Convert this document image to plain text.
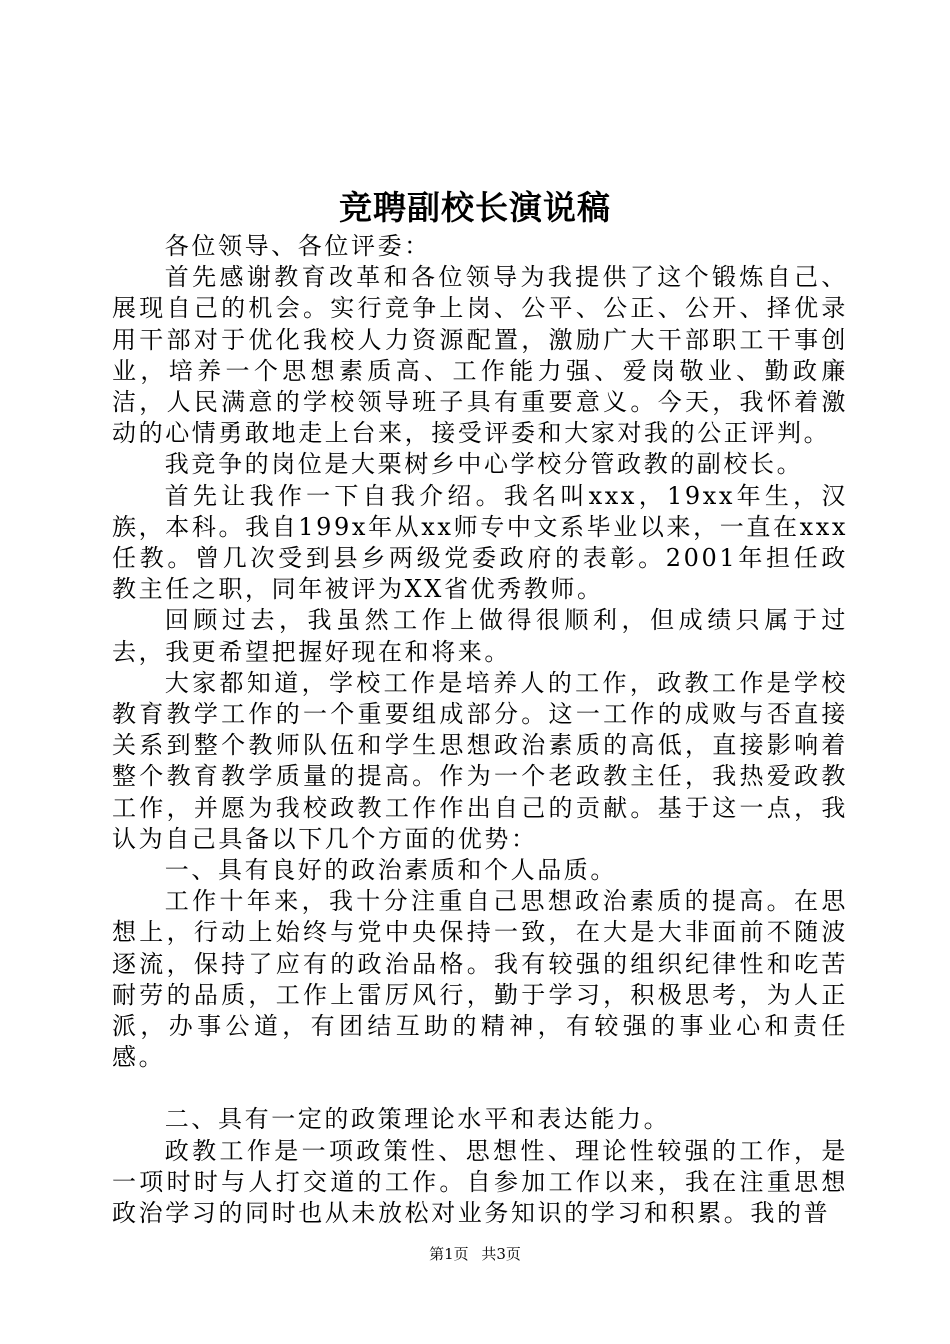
竞聘副校长演说稿

各位领导、各位评委：

首先感谢教育改革和各位领导为我提供了这个锻炼自己、展现自己的机会。实行竞争上岗、公平、公正、公开、择优录用干部对于优化我校人力资源配置，激励广大干部职工干事创业，培养一个思想素质高、工作能力强、爱岗敬业、勤政廉洁，人民满意的学校领导班子具有重要意义。今天，我怀着激动的心情勇敢地走上台来，接受评委和大家对我的公正评判。

我竞争的岗位是大栗树乡中心学校分管政教的副校长。

首先让我作一下自我介绍。我名叫xxx，19xx年生，汉族，本科。我自199x年从xx师专中文系毕业以来，一直在xxx任教。曾几次受到县乡两级党委政府的表彰。2001年担任政教主任之职，同年被评为XX省优秀教师。

回顾过去，我虽然工作上做得很顺利，但成绩只属于过去，我更希望把握好现在和将来。

大家都知道，学校工作是培养人的工作，政教工作是学校教育教学工作的一个重要组成部分。这一工作的成败与否直接关系到整个教师队伍和学生思想政治素质的高低，直接影响着整个教育教学质量的提高。作为一个老政教主任，我热爱政教工作，并愿为我校政教工作作出自己的贡献。基于这一点，我认为自己具备以下几个方面的优势：

一、具有良好的政治素质和个人品质。

工作十年来，我十分注重自己思想政治素质的提高。在思想上，行动上始终与党中央保持一致，在大是大非面前不随波逐流，保持了应有的政治品格。我有较强的组织纪律性和吃苦耐劳的品质，工作上雷厉风行，勤于学习，积极思考，为人正派，办事公道，有团结互助的精神，有较强的事业心和责任感。

二、具有一定的政策理论水平和表达能力。

政教工作是一项政策性、思想性、理论性较强的工作，是一项时时与人打交道的工作。自参加工作以来，我在注重思想政治学习的同时也从未放松对业务知识的学习和积累。我的普

第1页 共3页
